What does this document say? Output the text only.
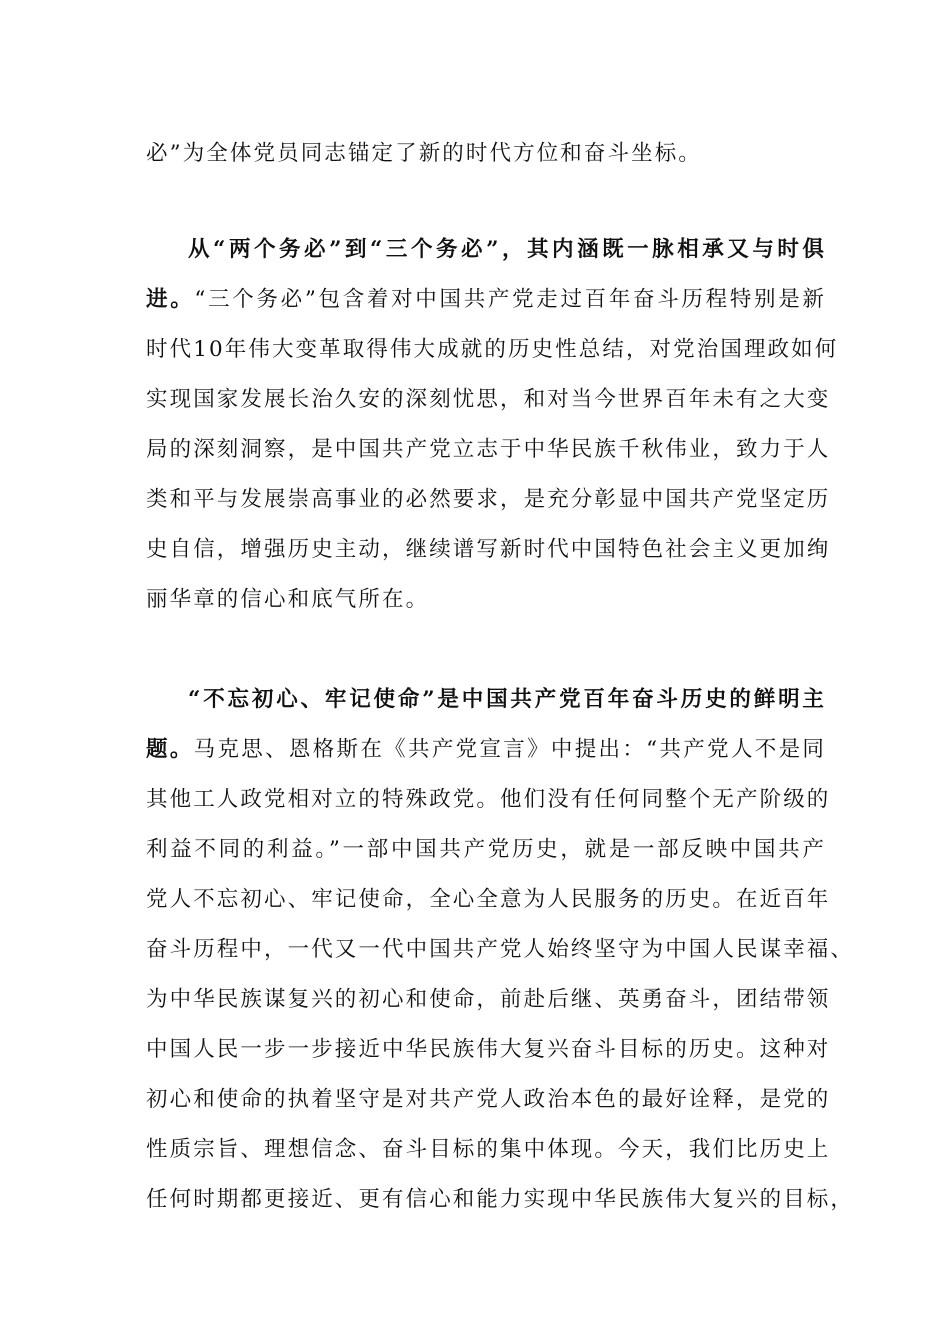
必”为全体党员同志锚定了新的时代方位和奋斗坐标。
从“两个务必”到“三个务必”，其内涵既一脉相承又与时俱
进。“三个务必”包含着对中国共产党走过百年奋斗历程特别是新
时代10年伟大变革取得伟大成就的历史性总结，对党治国理政如何
实现国家发展长治久安的深刻忧思，和对当今世界百年未有之大变
局的深刻洞察，是中国共产党立志于中华民族千秋伟业，致力于人
类和平与发展崇高事业的必然要求，是充分彰显中国共产党坚定历
史自信，增强历史主动，继续谱写新时代中国特色社会主义更加绚
丽华章的信心和底气所在。
“不忘初心、牢记使命”是中国共产党百年奋斗历史的鲜明主
题。马克思、恩格斯在《共产党宣言》中提出：“共产党人不是同
其他工人政党相对立的特殊政党。他们没有任何同整个无产阶级的
利益不同的利益。”一部中国共产党历史，就是一部反映中国共产
党人不忘初心、牢记使命，全心全意为人民服务的历史。在近百年
奋斗历程中，一代又一代中国共产党人始终坚守为中国人民谋幸福、
为中华民族谋复兴的初心和使命，前赴后继、英勇奋斗，团结带领
中国人民一步一步接近中华民族伟大复兴奋斗目标的历史。这种对
初心和使命的执着坚守是对共产党人政治本色的最好诠释，是党的
性质宗旨、理想信念、奋斗目标的集中体现。今天，我们比历史上
任何时期都更接近、更有信心和能力实现中华民族伟大复兴的目标，
